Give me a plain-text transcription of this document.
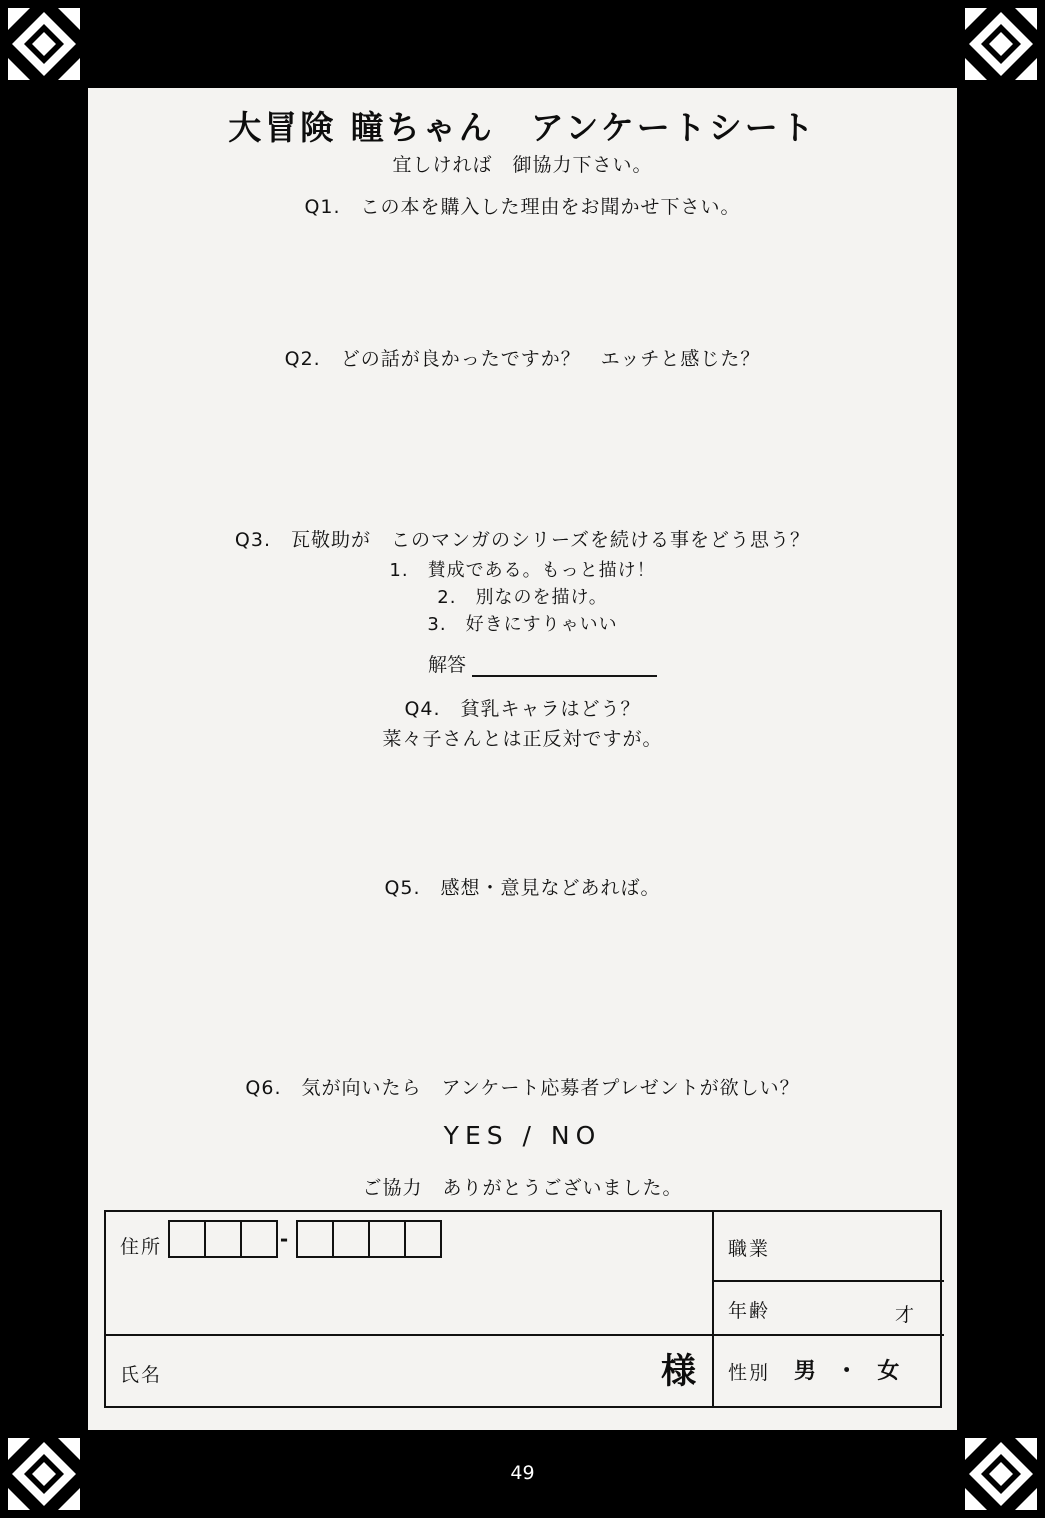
大冒険 瞳ちゃん　アンケートシート
宜しければ　御協力下さい。
Q1.　この本を購入した理由をお聞かせ下さい。
Q2.　どの話が良かったですか？　エッチと感じた？
Q3.　瓦敬助が　このマンガのシリーズを続ける事をどう思う？
1.　賛成である。もっと描け！
2.　別なのを描け。
3.　好きにすりゃいい
解答
Q4.　貧乳キャラはどう？
菜々子さんとは正反対ですが。
Q5.　感想・意見などあれば。
Q6.　気が向いたら　アンケート応募者プレゼントが欲しい？
YES / NO
ご協力　ありがとうございました。
住所	-
氏名	様
職業
年齢	才
性別 男 ・ 女
49
